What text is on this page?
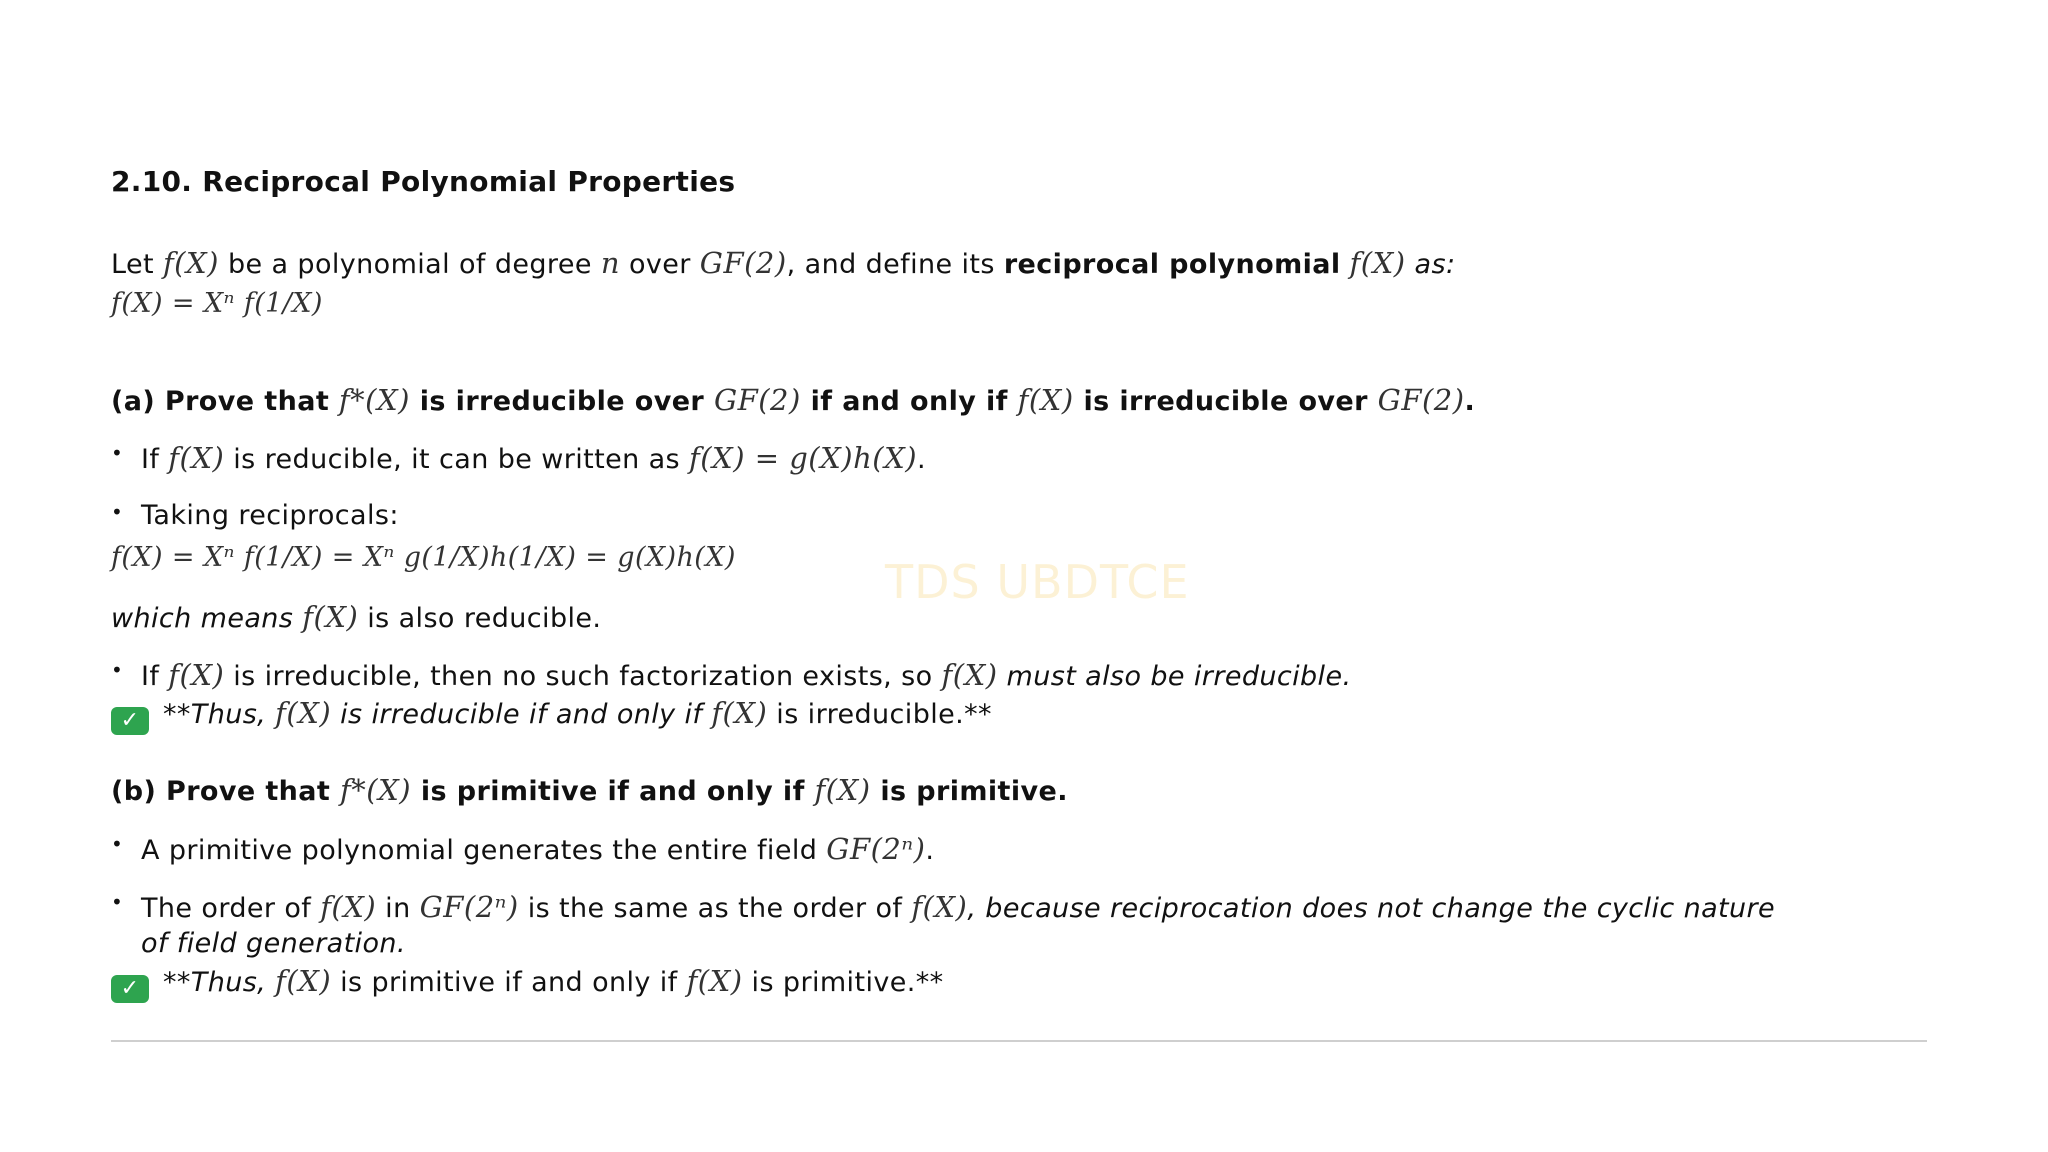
2.10. Reciprocal Polynomial Properties
Let f(X) be a polynomial of degree n over GF(2), and define its reciprocal polynomial f(X) as:
f(X) = Xⁿ f(1/X)
(a) Prove that f*(X) is irreducible over GF(2) if and only if f(X) is irreducible over GF(2).
• If f(X) is reducible, it can be written as f(X) = g(X)h(X).
• Taking reciprocals:
f(X) = Xⁿ f(1/X) = Xⁿ g(1/X)h(1/X) = g(X)h(X)
which means f(X) is also reducible.
• If f(X) is irreducible, then no such factorization exists, so f(X) must also be irreducible.
✓ **Thus, f(X) is irreducible if and only if f(X) is irreducible.**
(b) Prove that f*(X) is primitive if and only if f(X) is primitive.
• A primitive polynomial generates the entire field GF(2ⁿ).
• The order of f(X) in GF(2ⁿ) is the same as the order of f(X), because reciprocation does not change the cyclic nature
of field generation.
✓ **Thus, f(X) is primitive if and only if f(X) is primitive.**
TDS UBDTCE
